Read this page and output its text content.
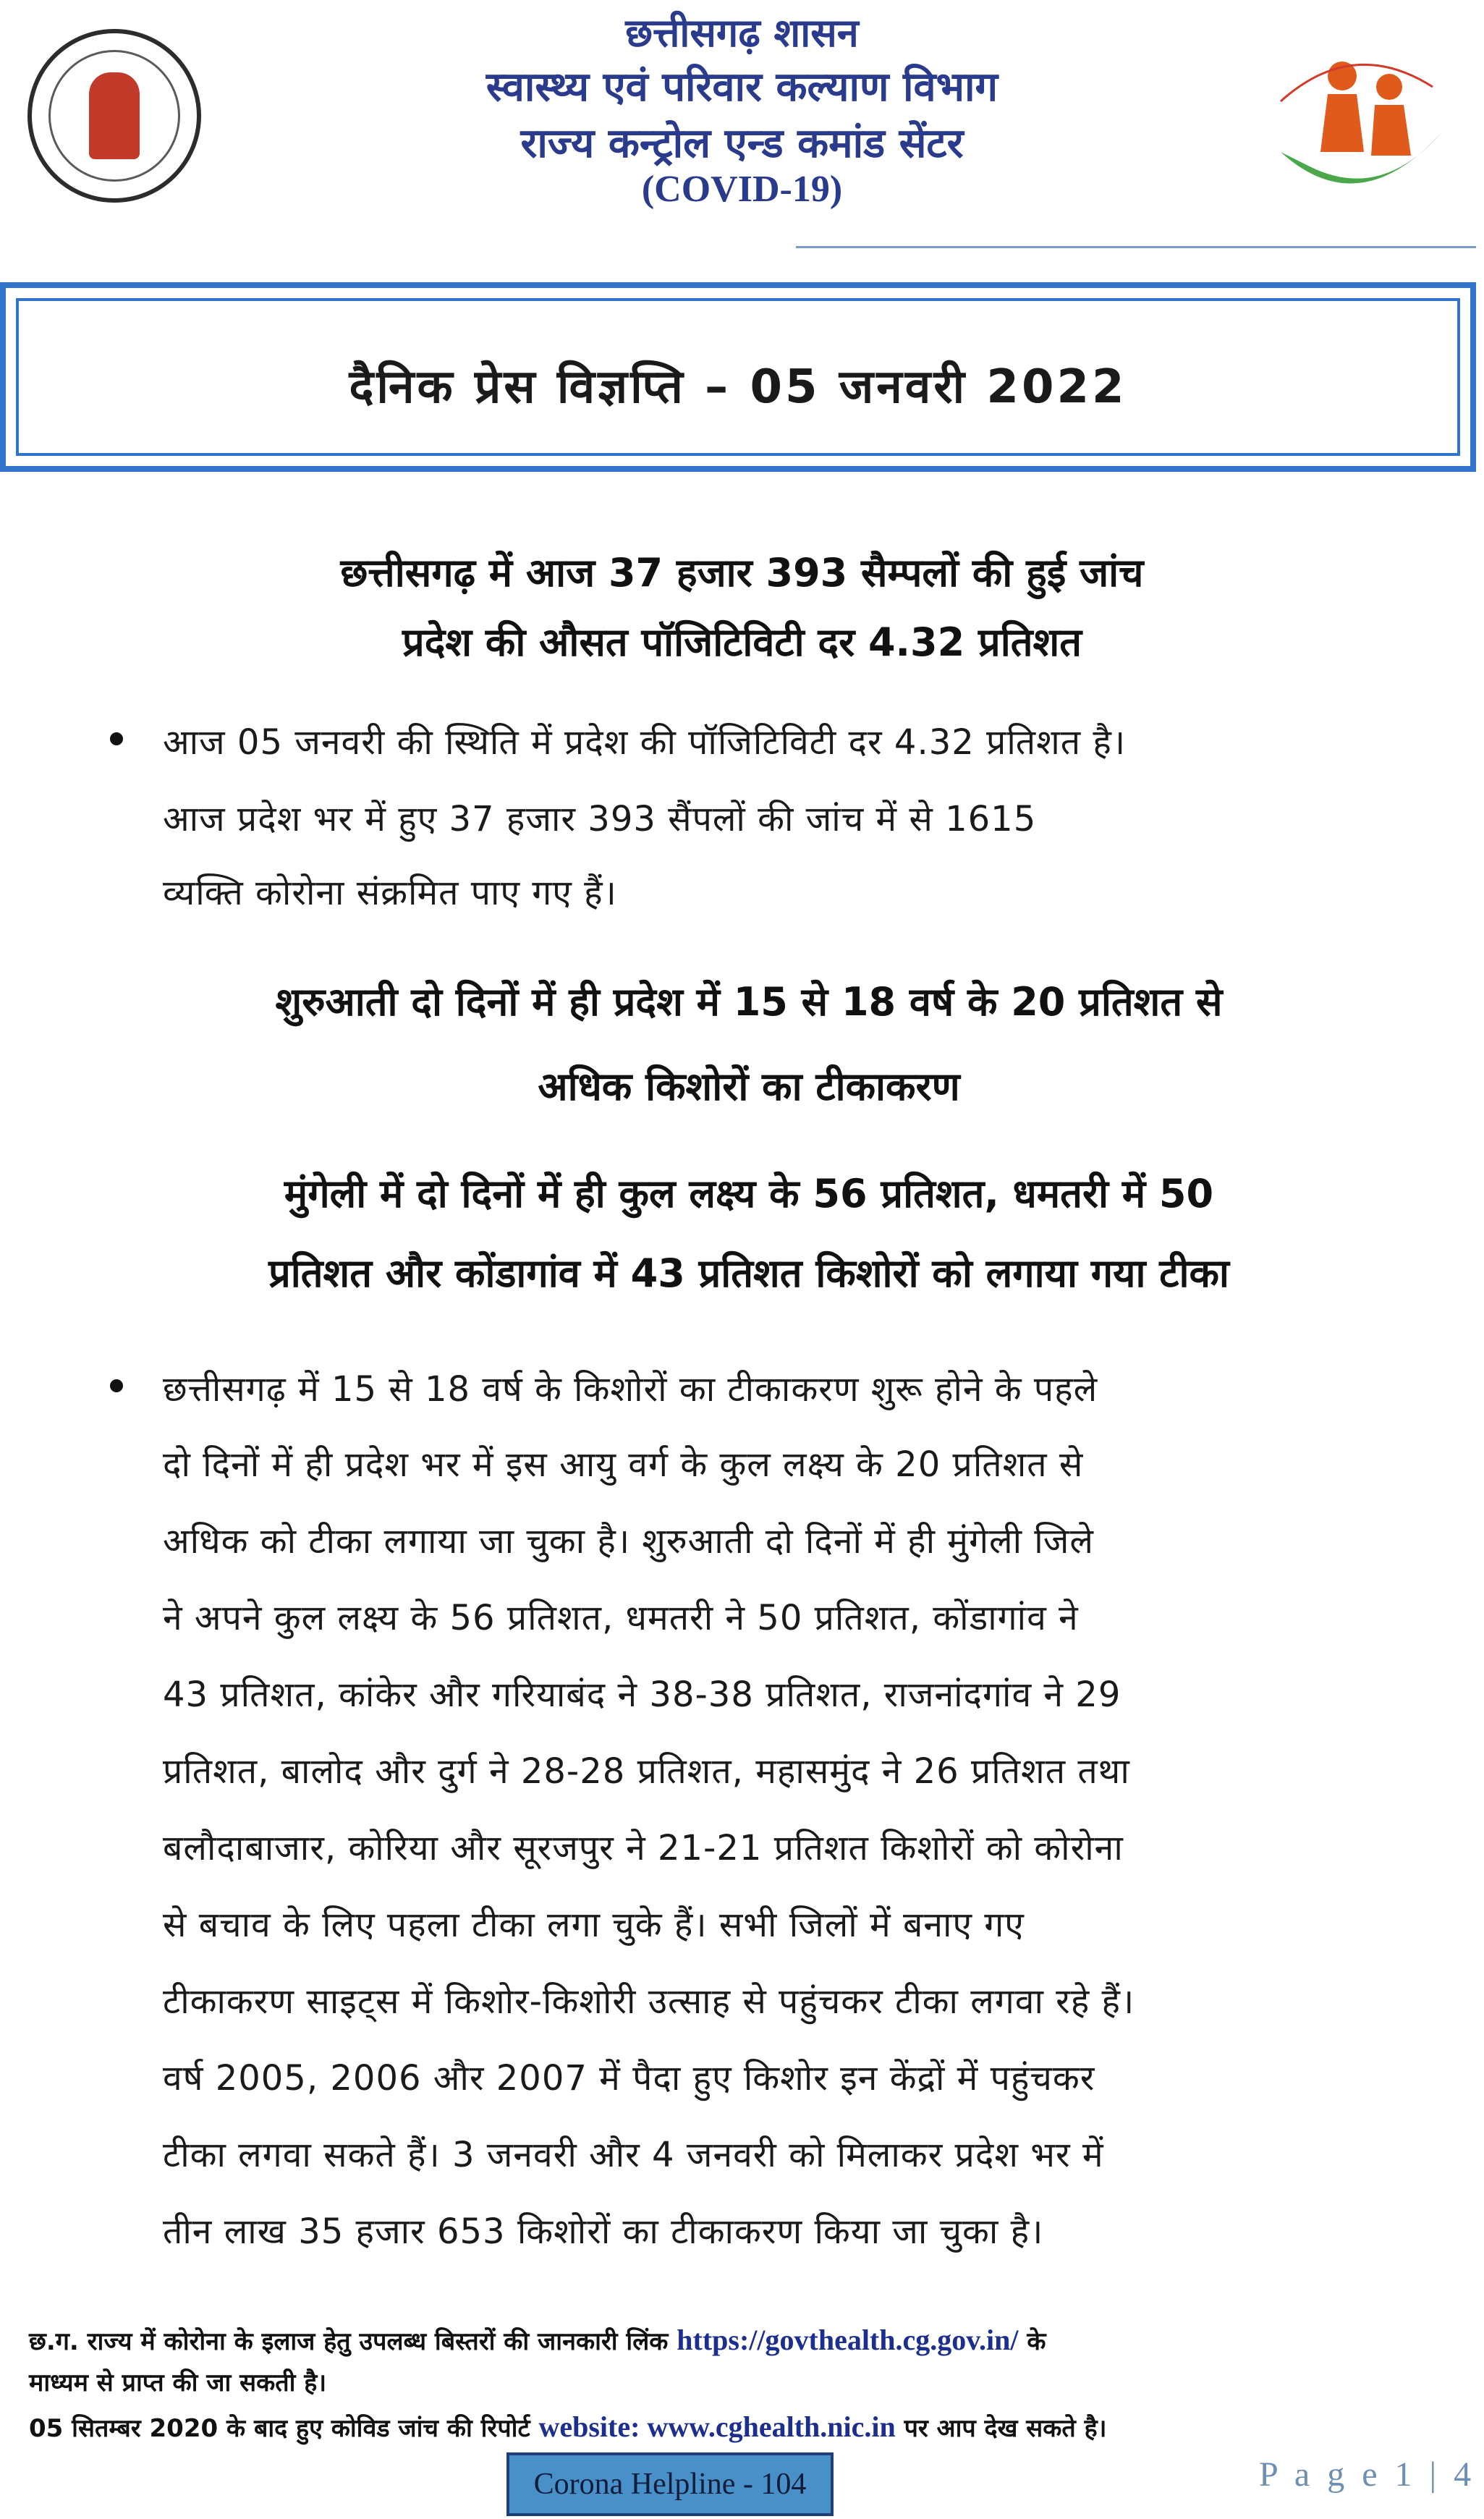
छत्तीसगढ़ शासन
स्वास्थ्य एवं परिवार कल्याण विभाग
राज्य कन्ट्रोल एन्ड कमांड सेंटर
(COVID-19)
दैनिक प्रेस विज्ञप्ति – 05 जनवरी 2022
छत्तीसगढ़ में आज 37 हजार 393 सैम्पलों की हुई जांच
प्रदेश की औसत पॉजिटिविटी दर 4.32 प्रतिशत
आज 05 जनवरी की स्थिति में प्रदेश की पॉजिटिविटी दर 4.32 प्रतिशत है।
आज प्रदेश भर में हुए 37 हजार 393 सैंपलों की जांच में से 1615
व्यक्ति कोरोना संक्रमित पाए गए हैं।
शुरुआती दो दिनों में ही प्रदेश में 15 से 18 वर्ष के 20 प्रतिशत से
अधिक किशोरों का टीकाकरण
मुंगेली में दो दिनों में ही कुल लक्ष्य के 56 प्रतिशत, धमतरी में 50
प्रतिशत और कोंडागांव में 43 प्रतिशत किशोरों को लगाया गया टीका
छत्तीसगढ़ में 15 से 18 वर्ष के किशोरों का टीकाकरण शुरू होने के पहले
दो दिनों में ही प्रदेश भर में इस आयु वर्ग के कुल लक्ष्य के 20 प्रतिशत से
अधिक को टीका लगाया जा चुका है। शुरुआती दो दिनों में ही मुंगेली जिले
ने अपने कुल लक्ष्य के 56 प्रतिशत, धमतरी ने 50 प्रतिशत, कोंडागांव ने
43 प्रतिशत, कांकेर और गरियाबंद ने 38-38 प्रतिशत, राजनांदगांव ने 29
प्रतिशत, बालोद और दुर्ग ने 28-28 प्रतिशत, महासमुंद ने 26 प्रतिशत तथा
बलौदाबाजार, कोरिया और सूरजपुर ने 21-21 प्रतिशत किशोरों को कोरोना
से बचाव के लिए पहला टीका लगा चुके हैं। सभी जिलों में बनाए गए
टीकाकरण साइट्स में किशोर-किशोरी उत्साह से पहुंचकर टीका लगवा रहे हैं।
वर्ष 2005, 2006 और 2007 में पैदा हुए किशोर इन केंद्रों में पहुंचकर
टीका लगवा सकते हैं। 3 जनवरी और 4 जनवरी को मिलाकर प्रदेश भर में
तीन लाख 35 हजार 653 किशोरों का टीकाकरण किया जा चुका है।
छ.ग. राज्य में कोरोना के इलाज हेतु उपलब्ध बिस्तरों की जानकारी लिंक https://govthealth.cg.gov.in/ के
माध्यम से प्राप्त की जा सकती है।
05 सितम्बर 2020 के बाद हुए कोविड जांच की रिपोर्ट website: www.cghealth.nic.in पर आप देख सकते है।
Corona Helpline - 104	P a g e 1 | 4
